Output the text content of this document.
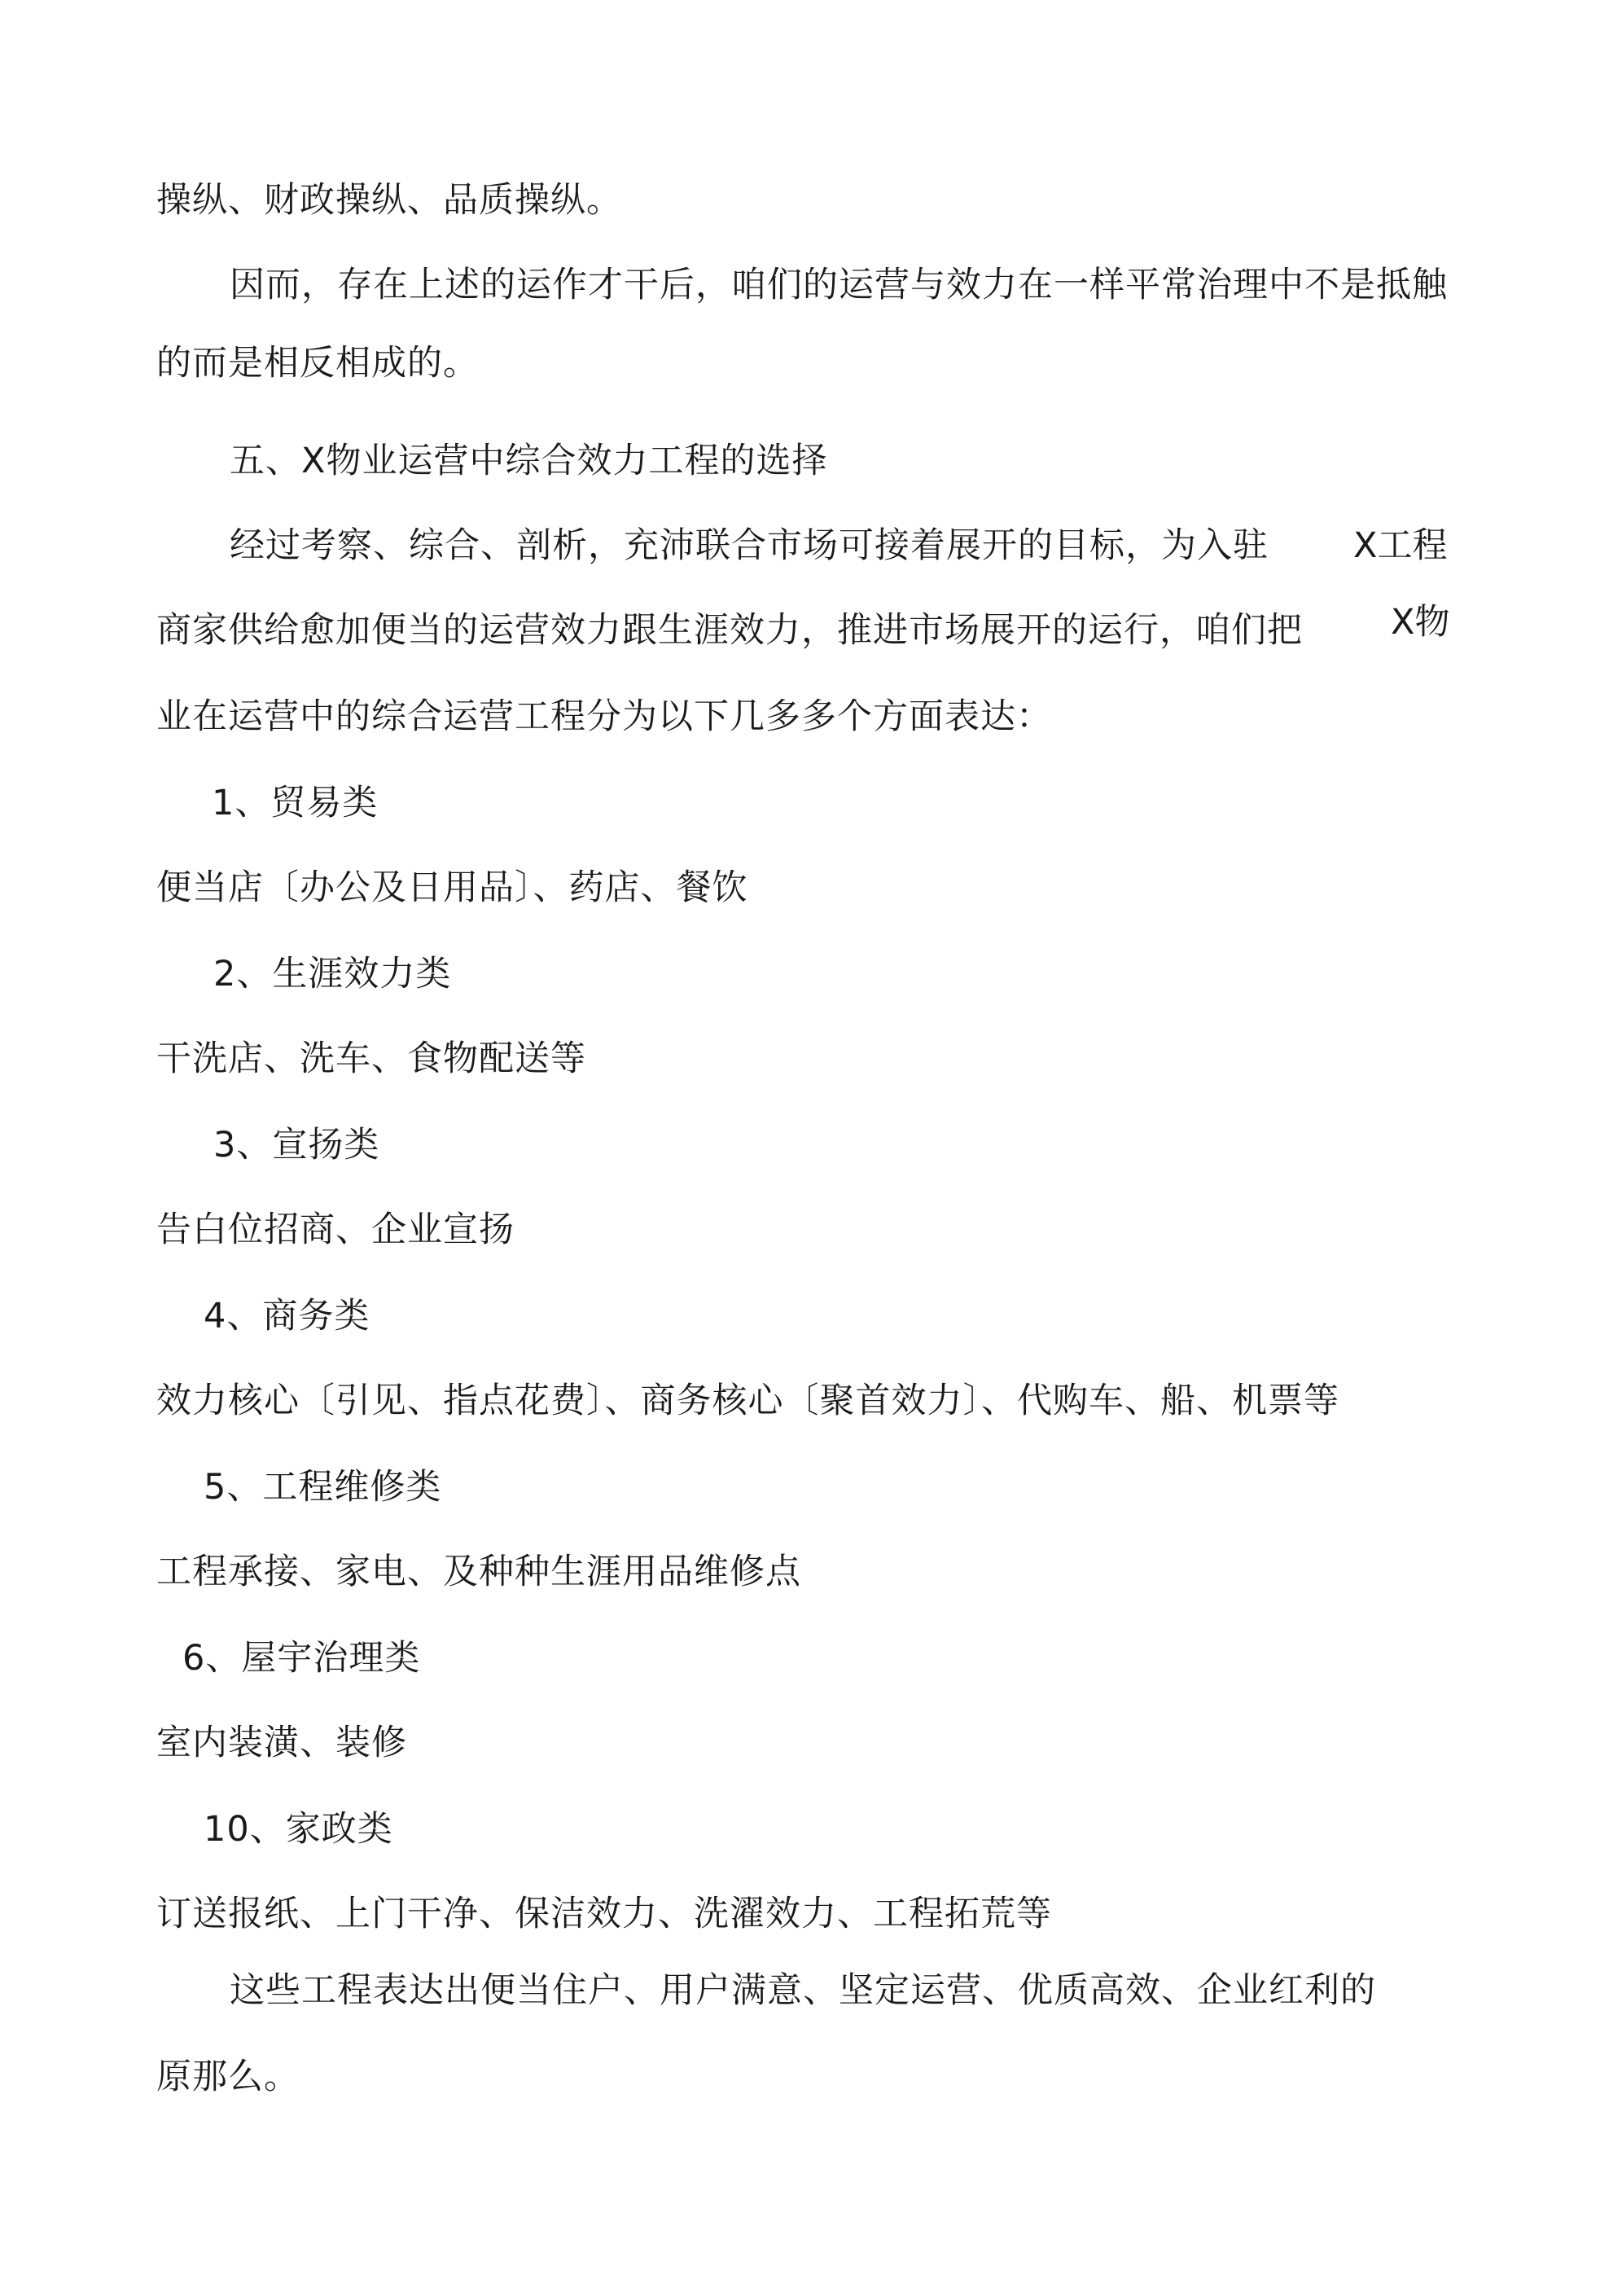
操纵、财政操纵、品质操纵。

因而，存在上述的运作才干后，咱们的运营与效力在一样平常治理中不是抵触

的而是相反相成的。

五、X物业运营中综合效力工程的选择

经过考察、综合、剖析，充沛联合市场可接着展开的目标，为入驻

商家供给愈加便当的运营效力跟生涯效力，推进市场展开的运行，咱们把

业在运营中的综合运营工程分为以下几多多个方面表达：

1、贸易类

便当店〔办公及日用品〕、药店、餐饮

2、生涯效力类

干洗店、洗车、食物配送等

3、宣扬类

告白位招商、企业宣扬

4、商务类

效力核心〔引见、指点花费〕、商务核心〔聚首效力〕、代购车、船、机票等

5、工程维修类

工程承接、家电、及种种生涯用品维修点

6、屋宇治理类

室内装潢、装修

10、家政类

订送报纸、上门干净、保洁效力、洗濯效力、工程拓荒等

这些工程表达出便当住户、用户满意、坚定运营、优质高效、企业红利的

原那么。

X工程

X物
